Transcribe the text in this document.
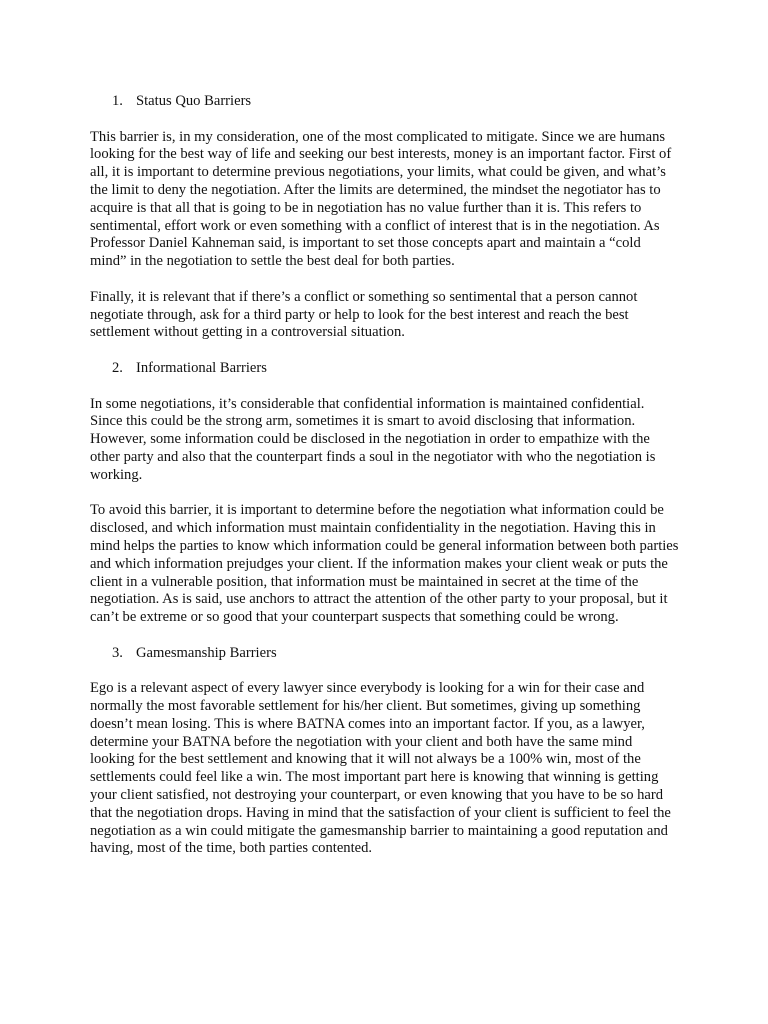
1. Status Quo Barriers

This barrier is, in my consideration, one of the most complicated to mitigate. Since we are humans looking for the best way of life and seeking our best interests, money is an important factor. First of all, it is important to determine previous negotiations, your limits, what could be given, and what’s the limit to deny the negotiation. After the limits are determined, the mindset the negotiator has to acquire is that all that is going to be in negotiation has no value further than it is. This refers to sentimental, effort work or even something with a conflict of interest that is in the negotiation. As Professor Daniel Kahneman said, is important to set those concepts apart and maintain a “cold mind” in the negotiation to settle the best deal for both parties.

Finally, it is relevant that if there’s a conflict or something so sentimental that a person cannot negotiate through, ask for a third party or help to look for the best interest and reach the best settlement without getting in a controversial situation.

2. Informational Barriers

In some negotiations, it’s considerable that confidential information is maintained confidential. Since this could be the strong arm, sometimes it is smart to avoid disclosing that information. However, some information could be disclosed in the negotiation in order to empathize with the other party and also that the counterpart finds a soul in the negotiator with who the negotiation is working.

To avoid this barrier, it is important to determine before the negotiation what information could be disclosed, and which information must maintain confidentiality in the negotiation. Having this in mind helps the parties to know which information could be general information between both parties and which information prejudges your client. If the information makes your client weak or puts the client in a vulnerable position, that information must be maintained in secret at the time of the negotiation. As is said, use anchors to attract the attention of the other party to your proposal, but it can’t be extreme or so good that your counterpart suspects that something could be wrong.

3. Gamesmanship Barriers

Ego is a relevant aspect of every lawyer since everybody is looking for a win for their case and normally the most favorable settlement for his/her client. But sometimes, giving up something doesn’t mean losing. This is where BATNA comes into an important factor. If you, as a lawyer, determine your BATNA before the negotiation with your client and both have the same mind looking for the best settlement and knowing that it will not always be a 100% win, most of the settlements could feel like a win. The most important part here is knowing that winning is getting your client satisfied, not destroying your counterpart, or even knowing that you have to be so hard that the negotiation drops. Having in mind that the satisfaction of your client is sufficient to feel the negotiation as a win could mitigate the gamesmanship barrier to maintaining a good reputation and having, most of the time, both parties contented.
